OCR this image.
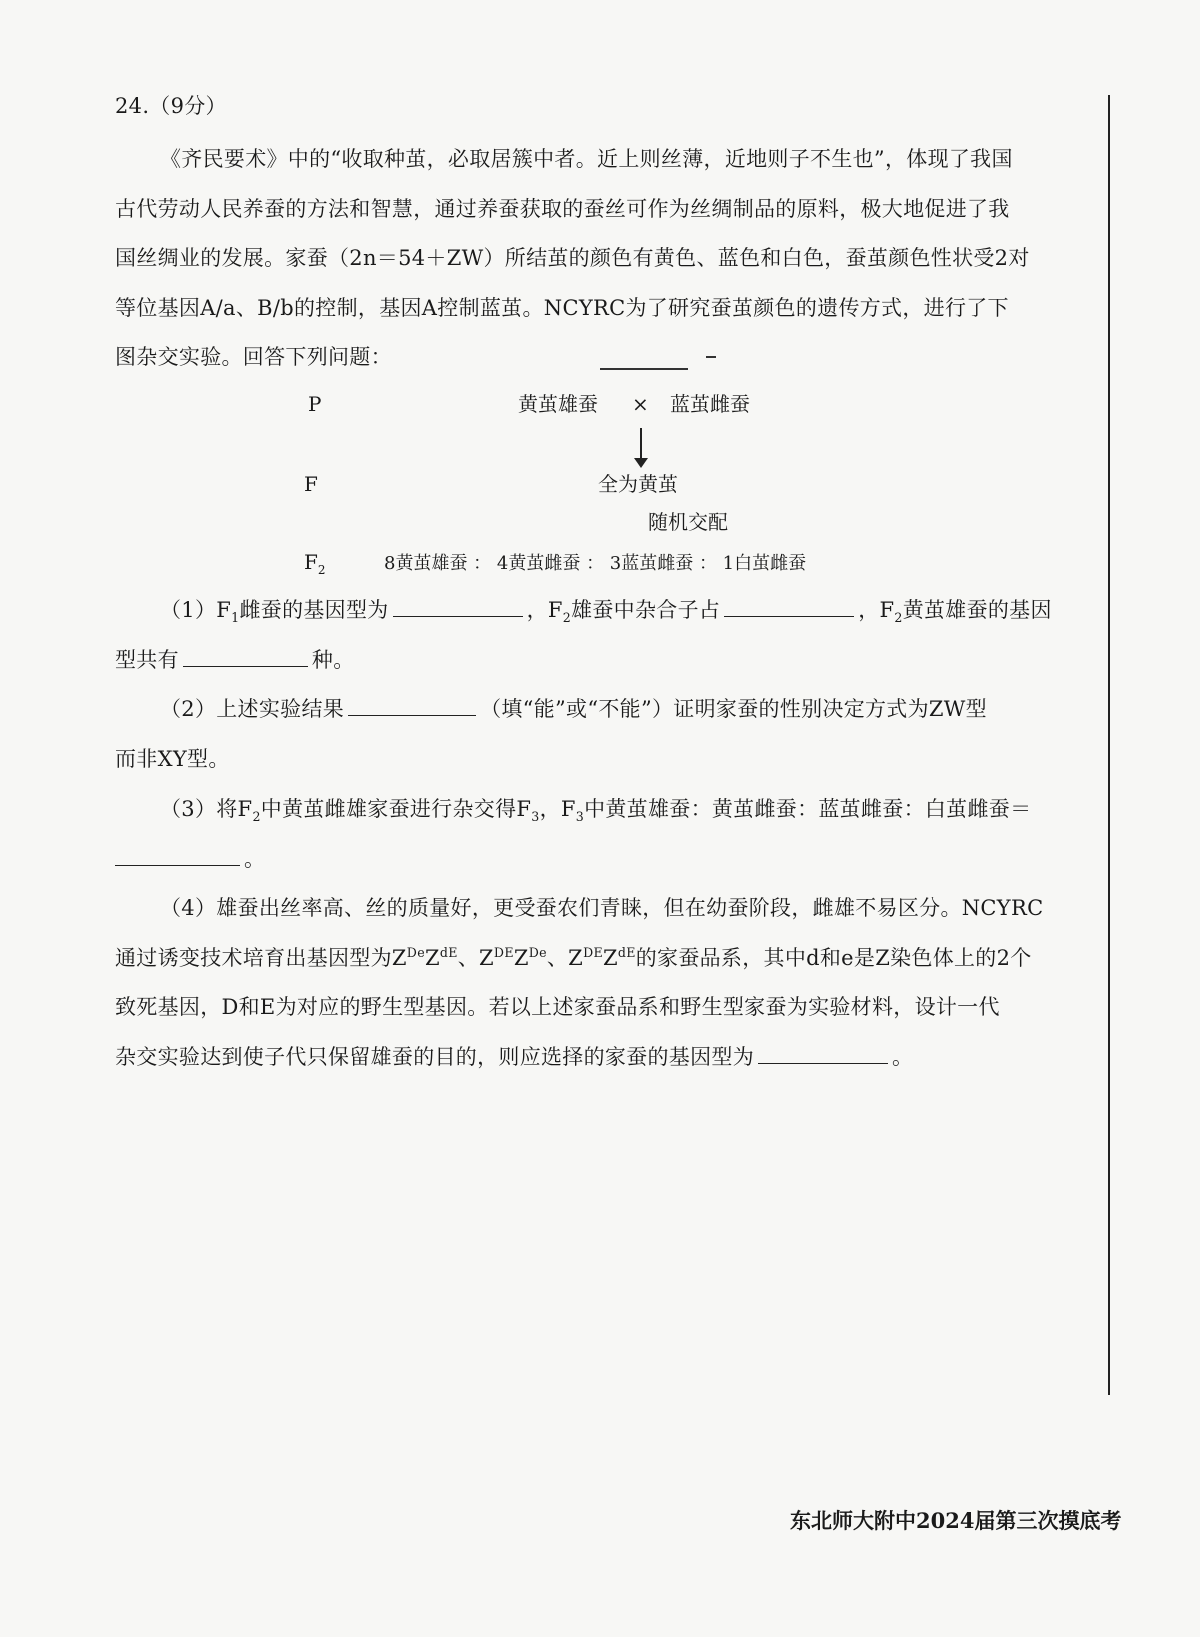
24.（9分）
《齐民要术》中的“收取种茧，必取居簇中者。近上则丝薄，近地则子不生也”，体现了我国
古代劳动人民养蚕的方法和智慧，通过养蚕获取的蚕丝可作为丝绸制品的原料，极大地促进了我
国丝绸业的发展。家蚕（2n＝54＋ZW）所结茧的颜色有黄色、蓝色和白色，蚕茧颜色性状受2对
等位基因A/a、B/b的控制，基因A控制蓝茧。NCYRC为了研究蚕茧颜色的遗传方式，进行了下
图杂交实验。回答下列问题：
P	黄茧雄蚕 × 蓝茧雌蚕
F	全为黄茧
随机交配
$F_2$	8黄茧雄蚕 ： 4黄茧雌蚕 ： 3蓝茧雌蚕 ： 1白茧雌蚕
$(1)F_1$雌蚕的基因型为	，$F_2$雄蚕中杂合子占	，$F_2$黄茧雄蚕的基因
型共有	种。
（2）上述实验结果	（填“能”或“不能”）证明家蚕的性别决定方式为ZW型
而非XY型。
（3）将$F_2$中黄茧雌雄家蚕进行杂交得$F_3$，$F_3$中黄茧雄蚕：黄茧雌蚕：蓝茧雌蚕：白茧雌蚕＝
。
（4）雄蚕出丝率高、丝的质量好，更受蚕农们青睐，但在幼蚕阶段，雌雄不易区分。NCYRC
通过诱变技术培育出基因型为$Z^{De}Z^{dE}$、$Z^{DE}Z^{De}$、$Z^{DE}Z^{dE}$的家蚕品系，其中d和e是Z染色体上的2个
致死基因，D和E为对应的野生型基因。若以上述家蚕品系和野生型家蚕为实验材料，设计一代
杂交实验达到使子代只保留雄蚕的目的，则应选择的家蚕的基因型为	。
东北师大附中2024届第三次摸底考
